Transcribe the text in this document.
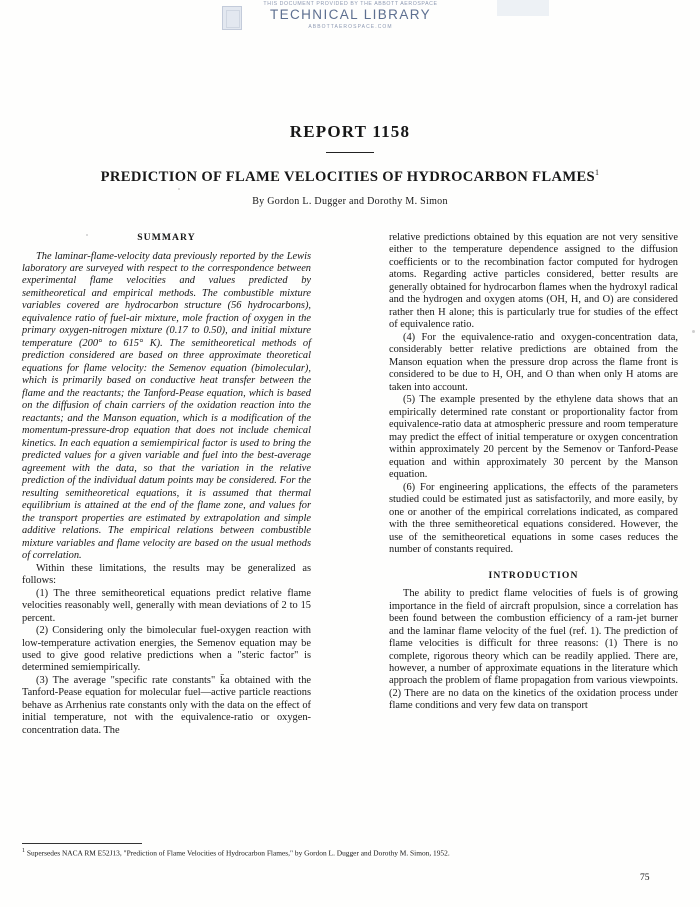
THIS DOCUMENT PROVIDED BY THE ABBOTT AEROSPACE
TECHNICAL LIBRARY
ABBOTTAEROSPACE.COM
REPORT 1158
PREDICTION OF FLAME VELOCITIES OF HYDROCARBON FLAMES$^1$
By Gordon L. Dugger and Dorothy M. Simon
SUMMARY

The laminar-flame-velocity data previously reported by the Lewis laboratory are surveyed with respect to the correspondence between experimental flame velocities and values predicted by semitheoretical and empirical methods. The combustible mixture variables covered are hydrocarbon structure (56 hydrocarbons), equivalence ratio of fuel-air mixture, mole fraction of oxygen in the primary oxygen-nitrogen mixture (0.17 to 0.50), and initial mixture temperature (200° to 615° K). The semitheoretical methods of prediction considered are based on three approximate theoretical equations for flame velocity: the Semenov equation (bimolecular), which is primarily based on conductive heat transfer between the flame and the reactants; the Tanford-Pease equation, which is based on the diffusion of chain carriers of the oxidation reaction into the reactants; and the Manson equation, which is a modification of the momentum-pressure-drop equation that does not include chemical kinetics. In each equation a semiempirical factor is used to bring the predicted values for a given variable and fuel into the best-average agreement with the data, so that the variation in the relative prediction of the individual datum points may be considered. For the resulting semitheoretical equations, it is assumed that thermal equilibrium is attained at the end of the flame zone, and values for the transport properties are estimated by extrapolation and simple additive relations. The empirical relations between combustible mixture variables and flame velocity are based on the usual methods of correlation.

Within these limitations, the results may be generalized as follows:

(1) The three semitheoretical equations predict relative flame velocities reasonably well, generally with mean deviations of 2 to 15 percent.

(2) Considering only the bimolecular fuel-oxygen reaction with low-temperature activation energies, the Semenov equation may be used to give good relative predictions when a "steric factor" is determined semiempirically.

(3) The average "specific rate constants" k̄a obtained with the Tanford-Pease equation for molecular fuel—active particle reactions behave as Arrhenius rate constants only with the data on the effect of initial temperature, not with the equivalence-ratio or oxygen-concentration data. The

relative predictions obtained by this equation are not very sensitive either to the temperature dependence assigned to the diffusion coefficients or to the recombination factor computed for hydrogen atoms. Regarding active particles considered, better results are generally obtained for hydrocarbon flames when the hydroxyl radical and the hydrogen and oxygen atoms (OH, H, and O) are considered rather then H alone; this is particularly true for studies of the effect of equivalence ratio.

(4) For the equivalence-ratio and oxygen-concentration data, considerably better relative predictions are obtained from the Manson equation when the pressure drop across the flame front is considered to be due to H, OH, and O than when only H atoms are taken into account.

(5) The example presented by the ethylene data shows that an empirically determined rate constant or proportionality factor from equivalence-ratio data at atmospheric pressure and room temperature may predict the effect of initial temperature or oxygen concentration within approximately 20 percent by the Semenov or Tanford-Pease equation and within approximately 30 percent by the Manson equation.

(6) For engineering applications, the effects of the parameters studied could be estimated just as satisfactorily, and more easily, by one or another of the empirical correlations indicated, as compared with the three semitheoretical equations considered. However, the use of the semitheoretical equations in some cases reduces the number of constants required.

INTRODUCTION

The ability to predict flame velocities of fuels is of growing importance in the field of aircraft propulsion, since a correlation has been found between the combustion efficiency of a ram-jet burner and the laminar flame velocity of the fuel (ref. 1). The prediction of flame velocities is difficult for three reasons: (1) There is no complete, rigorous theory which can be readily applied. There are, however, a number of approximate equations in the literature which approach the problem of flame propagation from various viewpoints. (2) There are no data on the kinetics of the oxidation process under flame conditions and very few data on transport

$^1$ Supersedes NACA RM E52J13, "Prediction of Flame Velocities of Hydrocarbon Flames," by Gordon L. Dugger and Dorothy M. Simon, 1952.
75
